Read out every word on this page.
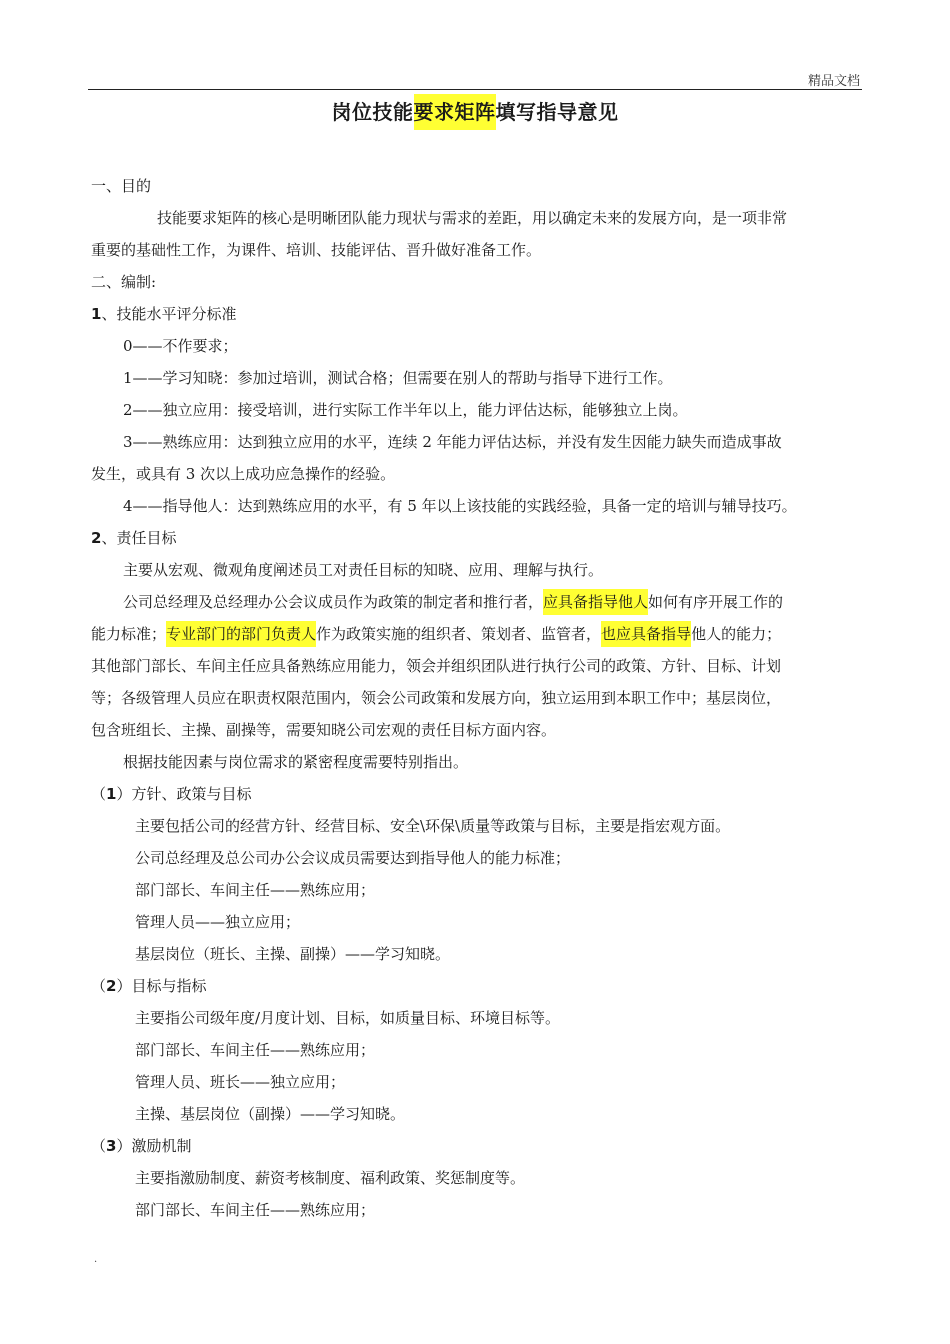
精品文档
岗位技能要求矩阵填写指导意见
一、目的
技能要求矩阵的核心是明晰团队能力现状与需求的差距，用以确定未来的发展方向，是一项非常
重要的基础性工作，为课件、培训、技能评估、晋升做好准备工作。
二、编制:
1、技能水平评分标准
0——不作要求；
1——学习知晓：参加过培训，测试合格；但需要在别人的帮助与指导下进行工作。
2——独立应用：接受培训，进行实际工作半年以上，能力评估达标，能够独立上岗。
3——熟练应用：达到独立应用的水平，连续 2 年能力评估达标，并没有发生因能力缺失而造成事故
发生，或具有 3 次以上成功应急操作的经验。
4——指导他人：达到熟练应用的水平，有 5 年以上该技能的实践经验，具备一定的培训与辅导技巧。
2、责任目标
主要从宏观、微观角度阐述员工对责任目标的知晓、应用、理解与执行。
公司总经理及总经理办公会议成员作为政策的制定者和推行者，应具备指导他人如何有序开展工作的
能力标准；专业部门的部门负责人作为政策实施的组织者、策划者、监管者，也应具备指导他人的能力；
其他部门部长、车间主任应具备熟练应用能力，领会并组织团队进行执行公司的政策、方针、目标、计划
等；各级管理人员应在职责权限范围内，领会公司政策和发展方向，独立运用到本职工作中；基层岗位，
包含班组长、主操、副操等，需要知晓公司宏观的责任目标方面内容。
根据技能因素与岗位需求的紧密程度需要特别指出。
（1）方针、政策与目标
主要包括公司的经营方针、经营目标、安全\环保\质量等政策与目标，主要是指宏观方面。
公司总经理及总公司办公会议成员需要达到指导他人的能力标准；
部门部长、车间主任——熟练应用；
管理人员——独立应用；
基层岗位（班长、主操、副操）——学习知晓。
（2）目标与指标
主要指公司级年度/月度计划、目标，如质量目标、环境目标等。
部门部长、车间主任——熟练应用；
管理人员、班长——独立应用；
主操、基层岗位（副操）——学习知晓。
（3）激励机制
主要指激励制度、薪资考核制度、福利政策、奖惩制度等。
部门部长、车间主任——熟练应用；
.
